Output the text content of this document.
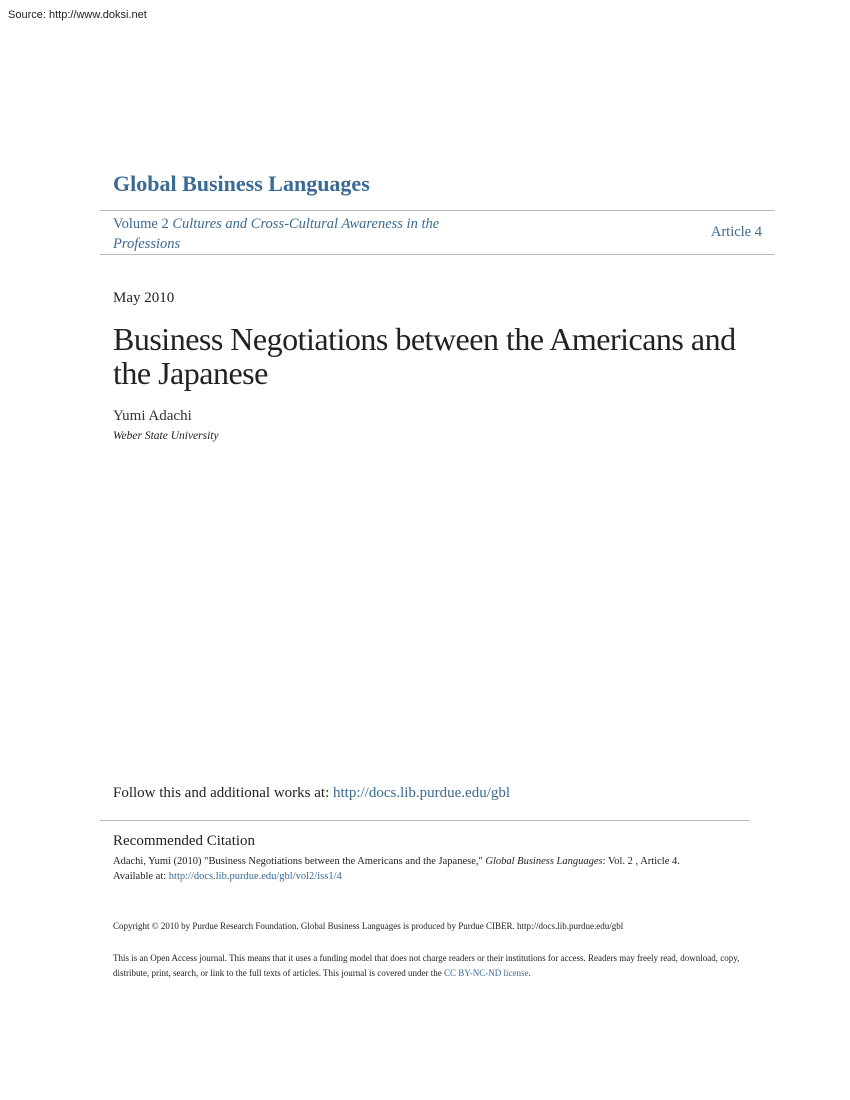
Source: http://www.doksi.net
Global Business Languages
Volume 2 Cultures and Cross-Cultural Awareness in the Professions
Article 4
May 2010
Business Negotiations between the Americans and the Japanese
Yumi Adachi
Weber State University
Follow this and additional works at: http://docs.lib.purdue.edu/gbl
Recommended Citation
Adachi, Yumi (2010) "Business Negotiations between the Americans and the Japanese," Global Business Languages: Vol. 2 , Article 4.
Available at: http://docs.lib.purdue.edu/gbl/vol2/iss1/4
Copyright © 2010 by Purdue Research Foundation. Global Business Languages is produced by Purdue CIBER. http://docs.lib.purdue.edu/gbl
This is an Open Access journal. This means that it uses a funding model that does not charge readers or their institutions for access. Readers may freely read, download, copy, distribute, print, search, or link to the full texts of articles. This journal is covered under the CC BY-NC-ND license.
